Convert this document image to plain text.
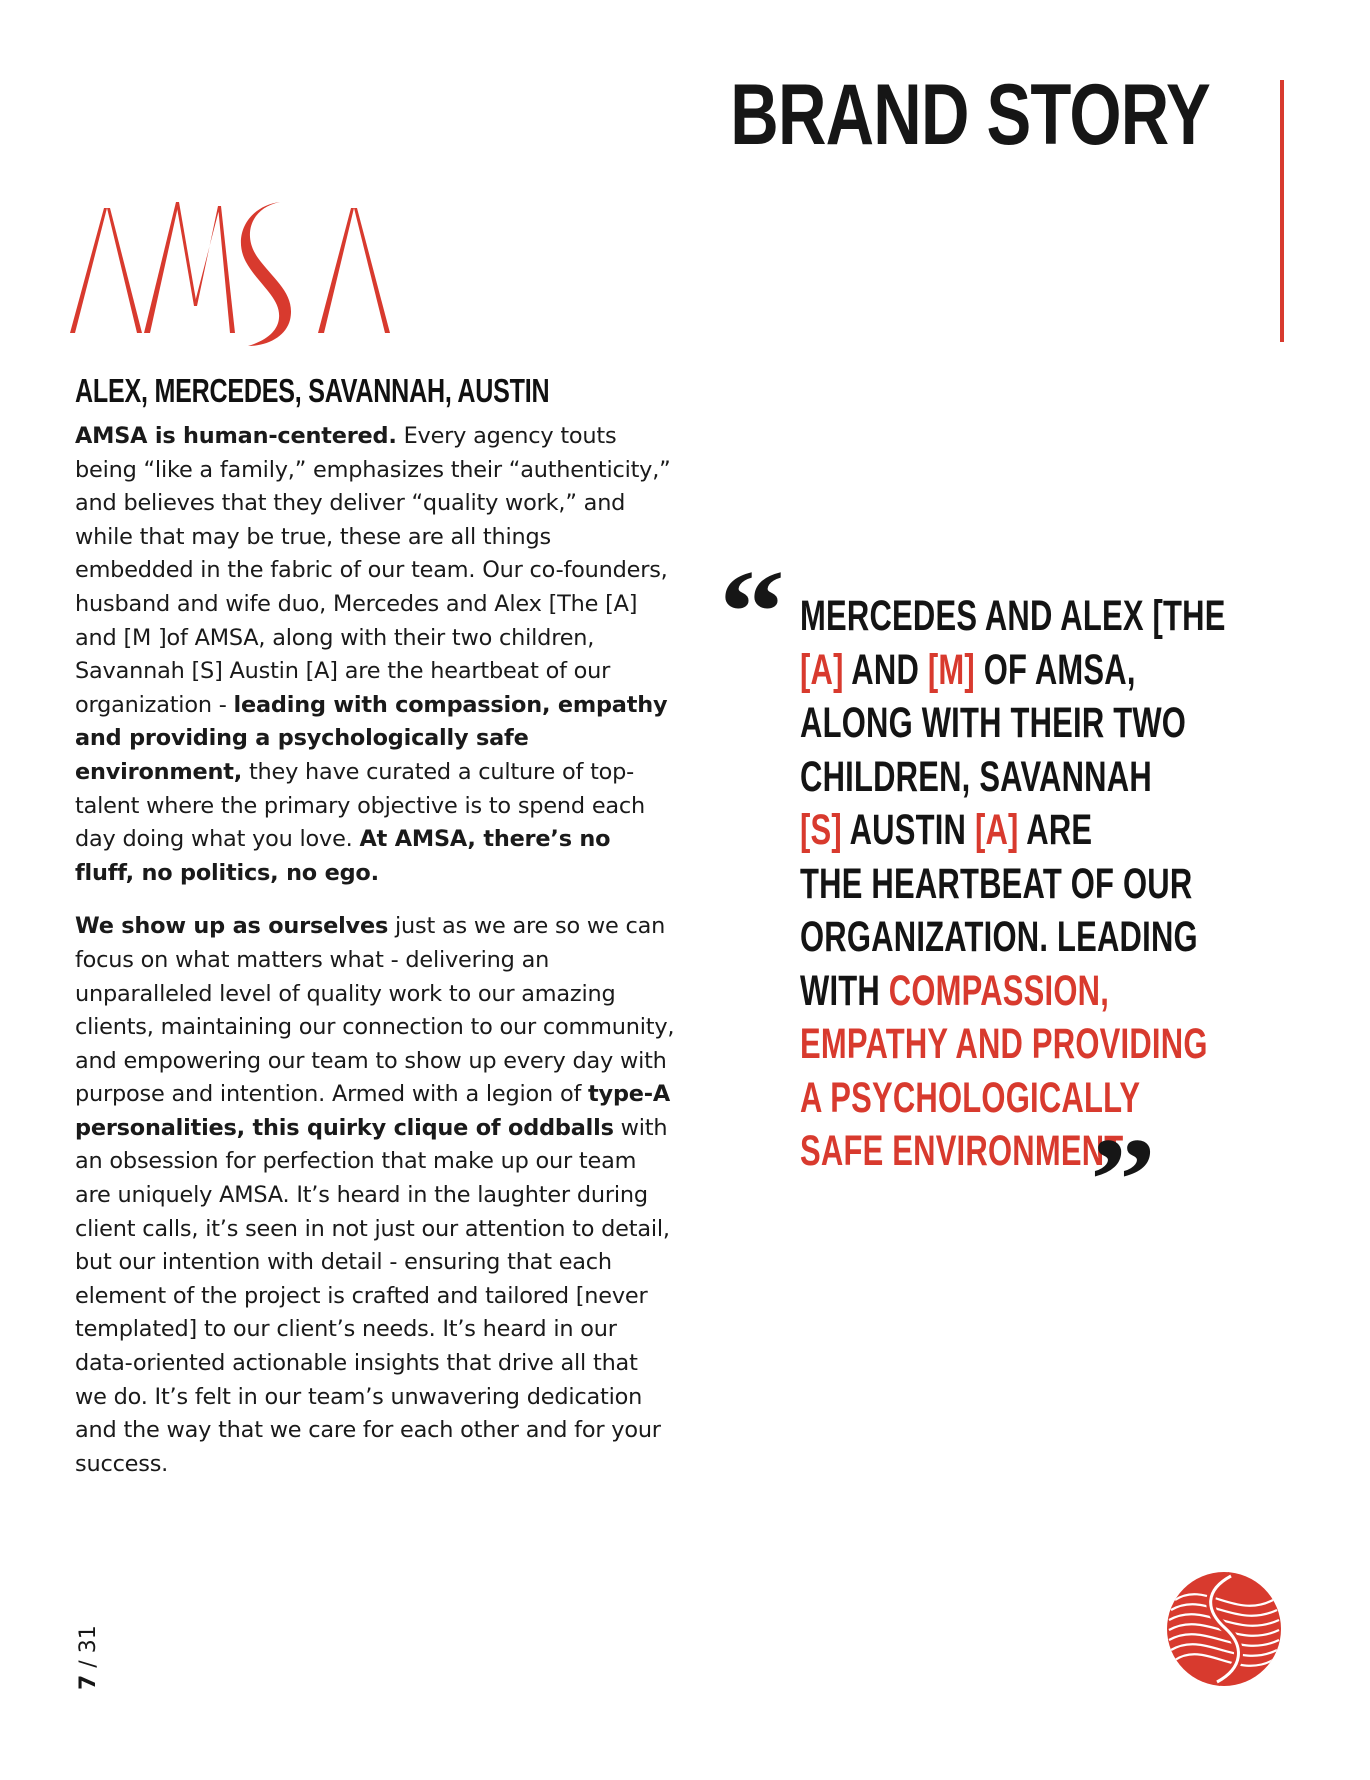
BRAND STORY
ALEX, MERCEDES, SAVANNAH, AUSTIN

AMSA is human-centered. Every agency touts being “like a family,” emphasizes their “authenticity,” and believes that they deliver “quality work,” and while that may be true, these are all things embedded in the fabric of our team. Our co-founders, husband and wife duo, Mercedes and Alex [The [A] and [M ]of AMSA, along with their two children, Savannah [S] Austin [A] are the heartbeat of our organization - leading with compassion, empathy and providing a psychologically safe environment, they have curated a culture of top-talent where the primary objective is to spend each day doing what you love. At AMSA, there’s no fluff, no politics, no ego.

We show up as ourselves just as we are so we can focus on what matters what - delivering an unparalleled level of quality work to our amazing clients, maintaining our connection to our community, and empowering our team to show up every day with purpose and intention. Armed with a legion of type-A personalities, this quirky clique of oddballs with an obsession for perfection that make up our team are uniquely AMSA. It’s heard in the laughter during client calls, it’s seen in not just our attention to detail, but our intention with detail - ensuring that each element of the project is crafted and tailored [never templated] to our client’s needs. It’s heard in our data-oriented actionable insights that drive all that we do. It’s felt in our team’s unwavering dedication and the way that we care for each other and for your success.

“ MERCEDES AND ALEX [THE
[A] AND [M] OF AMSA,
ALONG WITH THEIR TWO
CHILDREN, SAVANNAH
[S] AUSTIN [A] ARE
THE HEARTBEAT OF OUR
ORGANIZATION. LEADING
WITH COMPASSION,
EMPATHY AND PROVIDING
A PSYCHOLOGICALLY
SAFE ENVIRONMENT
”
7 / 31
